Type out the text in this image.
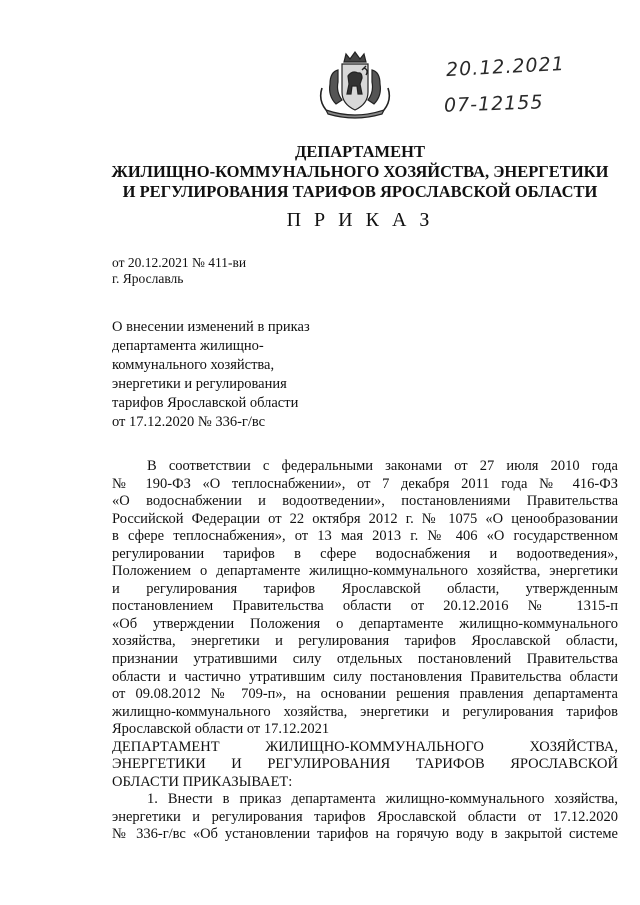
20.12.2021
07-12155
ДЕПАРТАМЕНТ
ЖИЛИЩНО-КОММУНАЛЬНОГО ХОЗЯЙСТВА, ЭНЕРГЕТИКИ
И РЕГУЛИРОВАНИЯ ТАРИФОВ ЯРОСЛАВСКОЙ ОБЛАСТИ
П Р И К А З
от 20.12.2021 № 411-ви
г. Ярославль
О внесении изменений в приказ
департамента жилищно-
коммунального хозяйства,
энергетики и регулирования
тарифов Ярославской области
от 17.12.2020 № 336-г/вс
В соответствии с федеральными законами от 27 июля 2010 года
№ 190-ФЗ «О теплоснабжении», от 7 декабря 2011 года № 416-ФЗ
«О водоснабжении и водоотведении», постановлениями Правительства
Российской Федерации от 22 октября 2012 г. № 1075 «О ценообразовании
в сфере теплоснабжения», от 13 мая 2013 г. № 406 «О государственном
регулировании тарифов в сфере водоснабжения и водоотведения»,
Положением о департаменте жилищно-коммунального хозяйства, энергетики
и регулирования тарифов Ярославской области, утвержденным
постановлением Правительства области от 20.12.2016 № 1315-п
«Об утверждении Положения о департаменте жилищно-коммунального
хозяйства, энергетики и регулирования тарифов Ярославской области,
признании утратившими силу отдельных постановлений Правительства
области и частично утратившим силу постановления Правительства области
от 09.08.2012 № 709-п», на основании решения правления департамента
жилищно-коммунального хозяйства, энергетики и регулирования тарифов
Ярославской области от 17.12.2021
ДЕПАРТАМЕНТ ЖИЛИЩНО-КОММУНАЛЬНОГО ХОЗЯЙСТВА,
ЭНЕРГЕТИКИ И РЕГУЛИРОВАНИЯ ТАРИФОВ ЯРОСЛАВСКОЙ
ОБЛАСТИ ПРИКАЗЫВАЕТ:
1. Внести в приказ департамента жилищно-коммунального хозяйства,
энергетики и регулирования тарифов Ярославской области от 17.12.2020
№ 336-г/вс «Об установлении тарифов на горячую воду в закрытой системе
